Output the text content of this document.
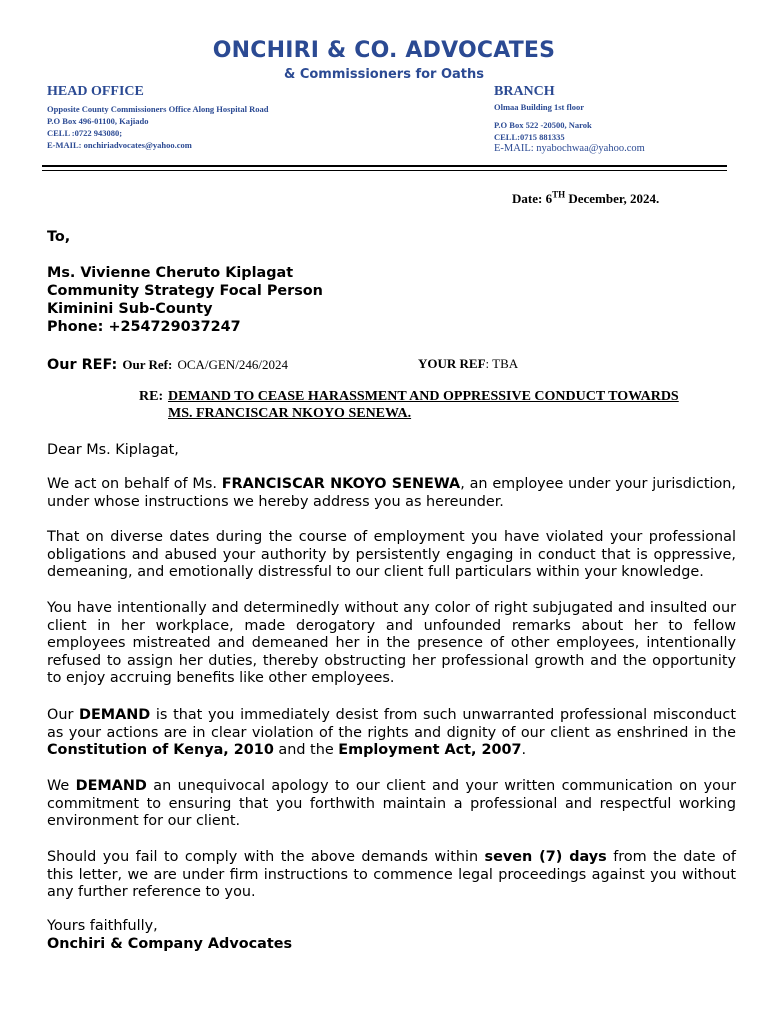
ONCHIRI & CO. ADVOCATES
& Commissioners for Oaths
HEAD OFFICE
Opposite County Commissioners Office Along Hospital Road
P.O Box 496-01100, Kajiado
CELL :0722 943080;
E-MAIL: onchiriadvocates@yahoo.com
BRANCH
Olmaa Building 1st floor
P.O Box 522 -20500, Narok
CELL:0715 881335
E-MAIL: nyabochwaa@yahoo.com
Date: 6TH December, 2024.
To,
Ms. Vivienne Cheruto Kiplagat
Community Strategy Focal Person
Kiminini Sub-County
Phone: +254729037247
Our REF: Our Ref: OCA/GEN/246/2024	YOUR REF: TBA
RE: DEMAND TO CEASE HARASSMENT AND OPPRESSIVE CONDUCT TOWARDS
MS. FRANCISCAR NKOYO SENEWA.
Dear Ms. Kiplagat,
We act on behalf of Ms. FRANCISCAR NKOYO SENEWA, an employee under your jurisdiction, under whose instructions we hereby address you as hereunder.
That on diverse dates during the course of employment you have violated your professional obligations and abused your authority by persistently engaging in conduct that is oppressive, demeaning, and emotionally distressful to our client full particulars within your knowledge.
You have intentionally and determinedly without any color of right subjugated and insulted our client in her workplace, made derogatory and unfounded remarks about her to fellow employees mistreated and demeaned her in the presence of other employees, intentionally refused to assign her duties, thereby obstructing her professional growth and the opportunity to enjoy accruing benefits like other employees.
Our DEMAND is that you immediately desist from such unwarranted professional misconduct as your actions are in clear violation of the rights and dignity of our client as enshrined in the Constitution of Kenya, 2010 and the Employment Act, 2007.
We DEMAND an unequivocal apology to our client and your written communication on your commitment to ensuring that you forthwith maintain a professional and respectful working environment for our client.
Should you fail to comply with the above demands within seven (7) days from the date of this letter, we are under firm instructions to commence legal proceedings against you without any further reference to you.
Yours faithfully,
Onchiri & Company Advocates
